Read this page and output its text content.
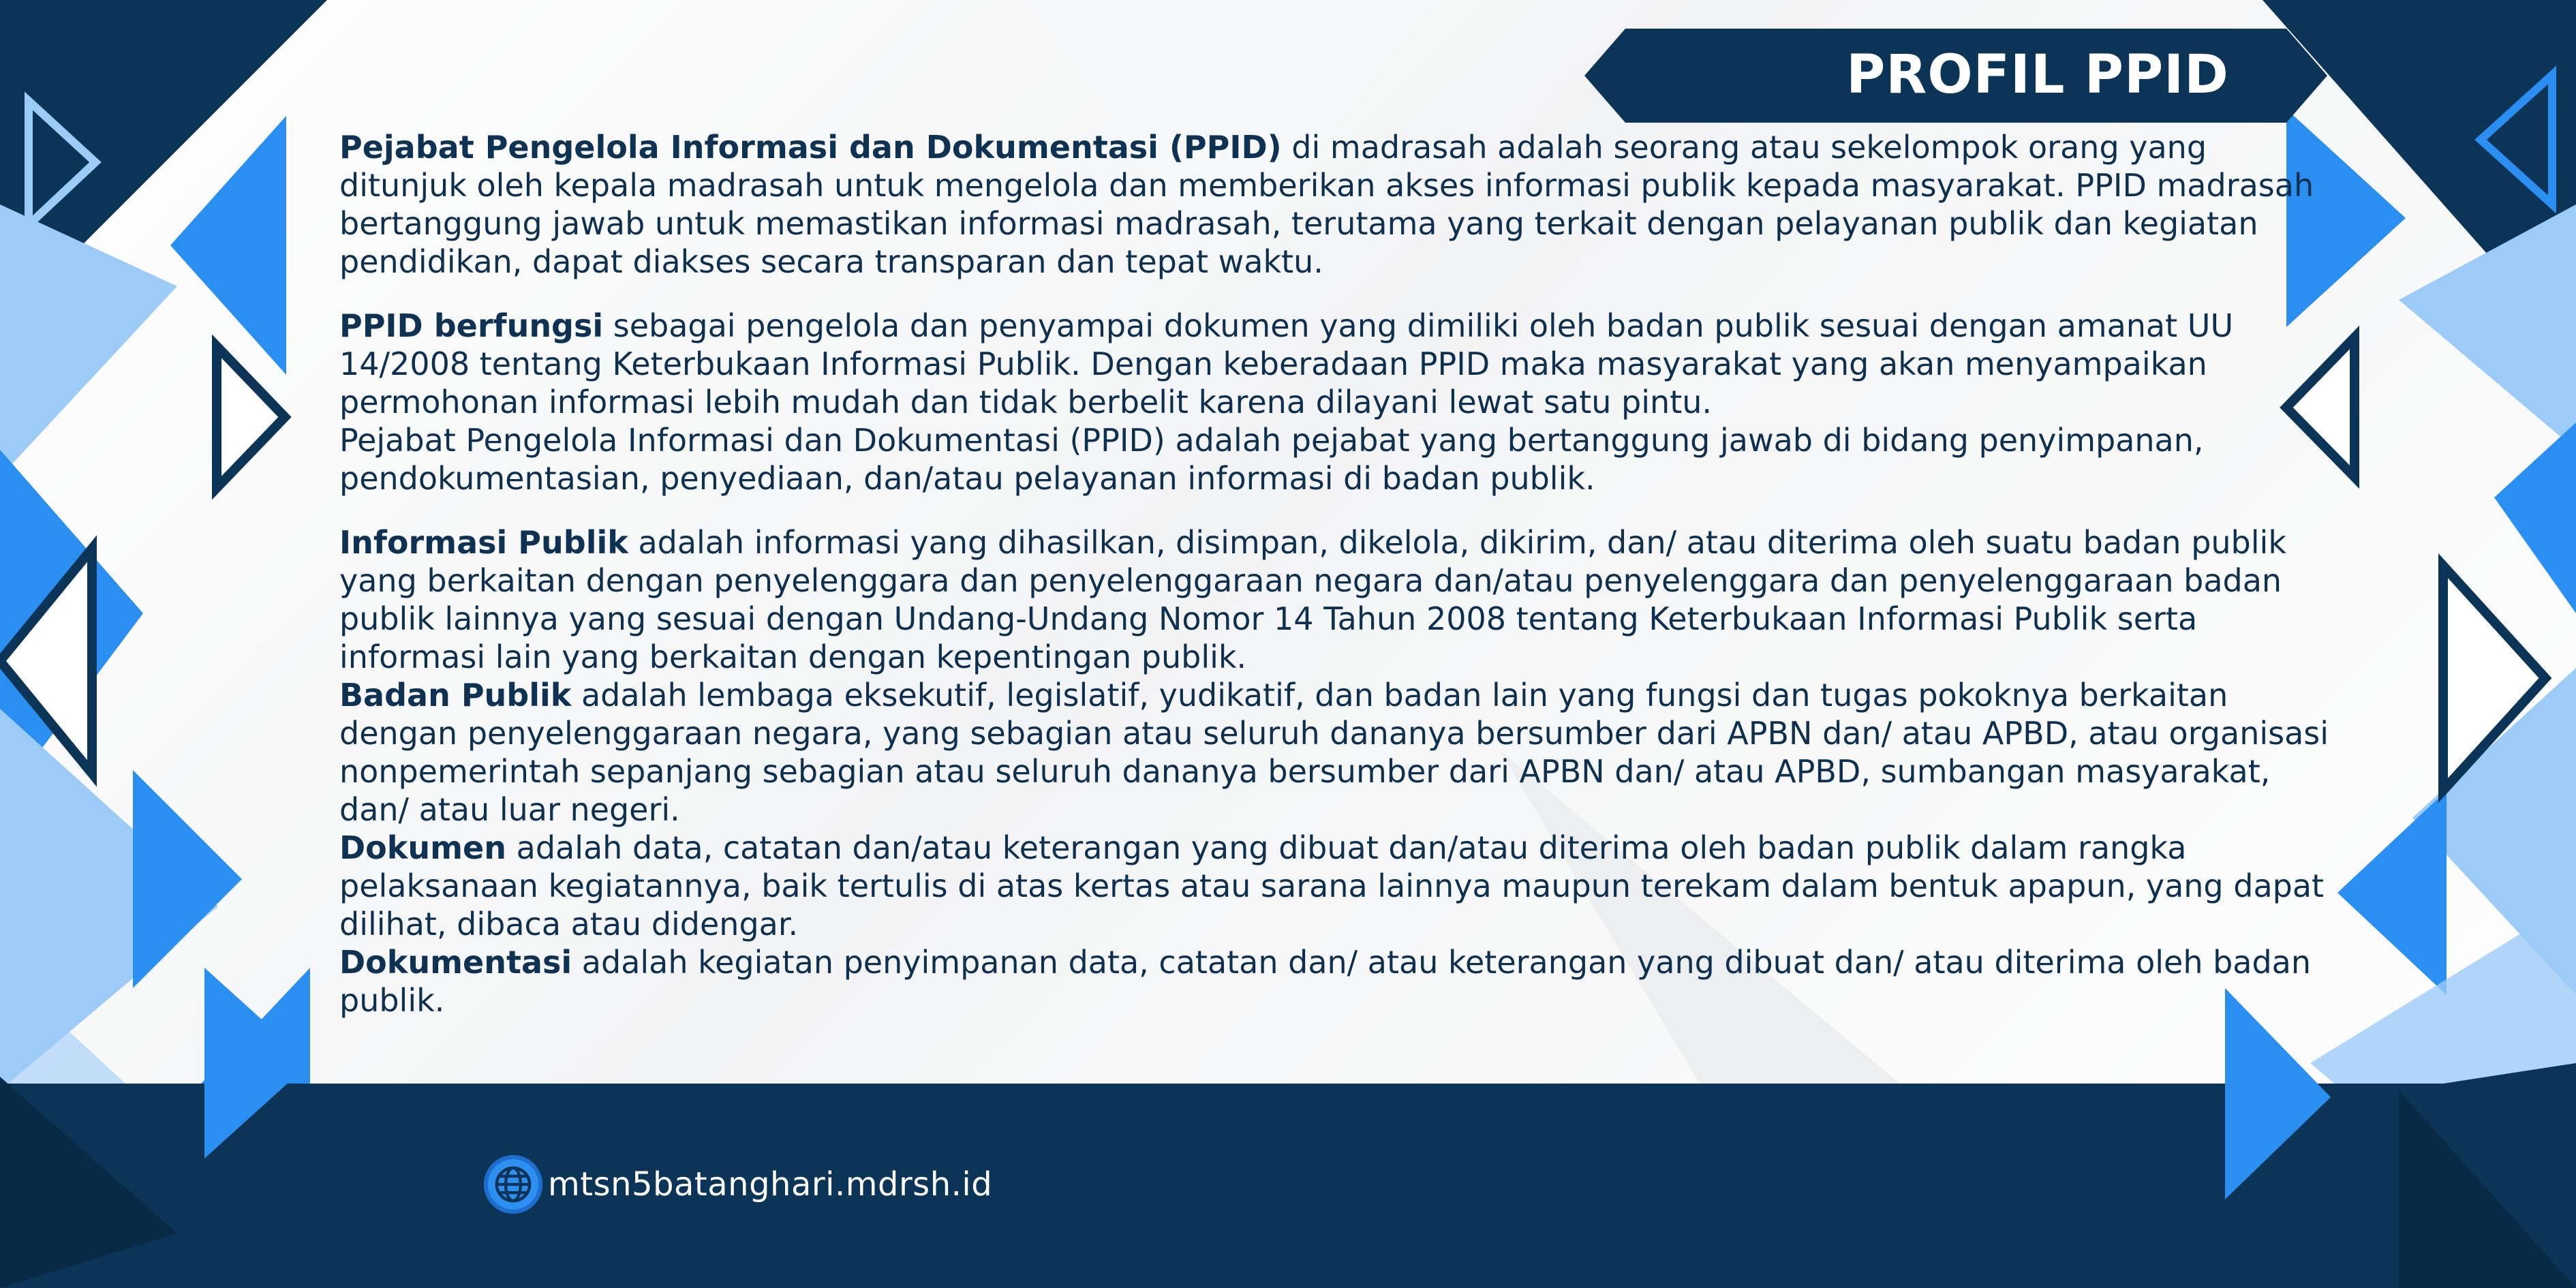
PROFIL PPID

Pejabat Pengelola Informasi dan Dokumentasi (PPID) di madrasah adalah seorang atau sekelompok orang yang ditunjuk oleh kepala madrasah untuk mengelola dan memberikan akses informasi publik kepada masyarakat. PPID madrasah bertanggung jawab untuk memastikan informasi madrasah, terutama yang terkait dengan pelayanan publik dan kegiatan pendidikan, dapat diakses secara transparan dan tepat waktu.

PPID berfungsi sebagai pengelola dan penyampai dokumen yang dimiliki oleh badan publik sesuai dengan amanat UU 14/2008 tentang Keterbukaan Informasi Publik. Dengan keberadaan PPID maka masyarakat yang akan menyampaikan permohonan informasi lebih mudah dan tidak berbelit karena dilayani lewat satu pintu.

Pejabat Pengelola Informasi dan Dokumentasi (PPID) adalah pejabat yang bertanggung jawab di bidang penyimpanan, pendokumentasian, penyediaan, dan/atau pelayanan informasi di badan publik.

Informasi Publik adalah informasi yang dihasilkan, disimpan, dikelola, dikirim, dan/ atau diterima oleh suatu badan publik yang berkaitan dengan penyelenggara dan penyelenggaraan negara dan/atau penyelenggara dan penyelenggaraan badan publik lainnya yang sesuai dengan Undang-Undang Nomor 14 Tahun 2008 tentang Keterbukaan Informasi Publik serta informasi lain yang berkaitan dengan kepentingan publik.

Badan Publik adalah lembaga eksekutif, legislatif, yudikatif, dan badan lain yang fungsi dan tugas pokoknya berkaitan dengan penyelenggaraan negara, yang sebagian atau seluruh dananya bersumber dari APBN dan/ atau APBD, atau organisasi nonpemerintah sepanjang sebagian atau seluruh dananya bersumber dari APBN dan/ atau APBD, sumbangan masyarakat, dan/ atau luar negeri.

Dokumen adalah data, catatan dan/atau keterangan yang dibuat dan/atau diterima oleh badan publik dalam rangka pelaksanaan kegiatannya, baik tertulis di atas kertas atau sarana lainnya maupun terekam dalam bentuk apapun, yang dapat dilihat, dibaca atau didengar.

Dokumentasi adalah kegiatan penyimpanan data, catatan dan/ atau keterangan yang dibuat dan/ atau diterima oleh badan publik.

mtsn5batanghari.mdrsh.id
